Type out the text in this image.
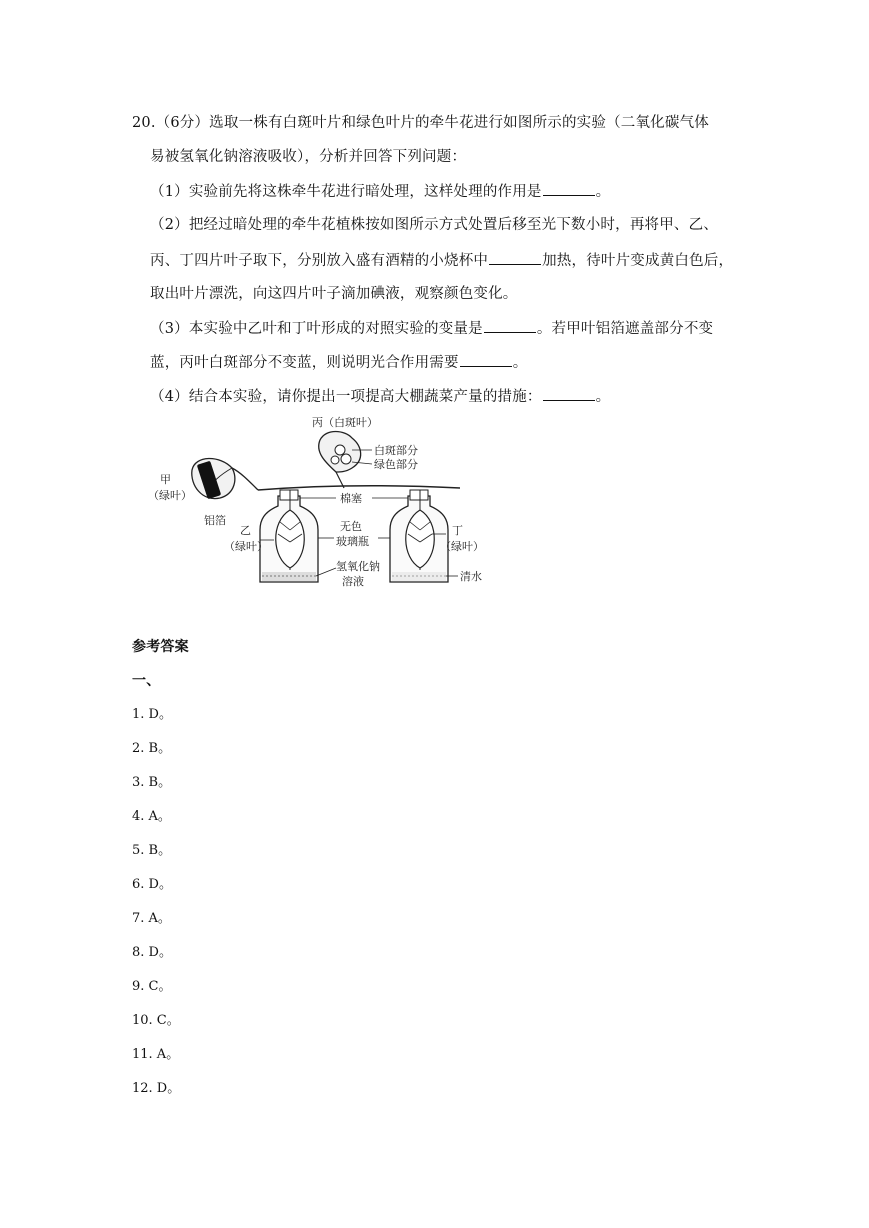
20.（6分）选取一株有白斑叶片和绿色叶片的牵牛花进行如图所示的实验（二氧化碳气体
易被氢氧化钠溶液吸收），分析并回答下列问题：
（1）实验前先将这株牵牛花进行暗处理，这样处理的作用是	。
（2）把经过暗处理的牵牛花植株按如图所示方式处置后移至光下数小时，再将甲、乙、
丙、丁四片叶子取下，分别放入盛有酒精的小烧杯中	加热，待叶片变成黄白色后，
取出叶片漂洗，向这四片叶子滴加碘液，观察颜色变化。
（3）本实验中乙叶和丁叶形成的对照实验的变量是	。若甲叶铝箔遮盖部分不变
蓝，丙叶白斑部分不变蓝，则说明光合作用需要	。
（4）结合本实验，请你提出一项提高大棚蔬菜产量的措施：	。
丙（白斑叶）
白斑部分
绿色部分
甲
（绿叶）
铝箔
棉塞
乙
（绿叶）
无色
玻璃瓶
丁
（绿叶）
氢氧化钠
溶液	清水
参考答案
一、
1. D。
2. B。
3. B。
4. A。
5. B。
6. D。
7. A。
8. D。
9. C。
10. C。
11. A。
12. D。
